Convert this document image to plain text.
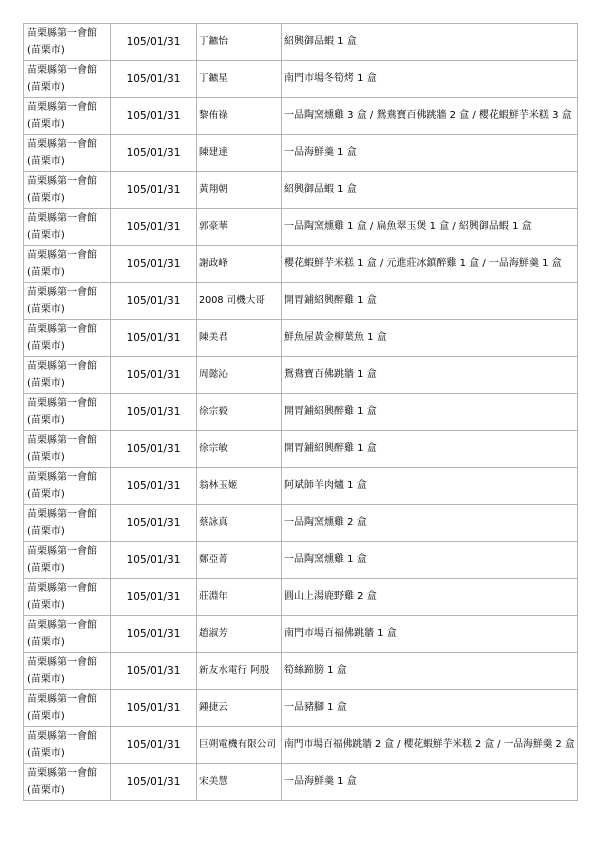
苗栗縣第一會館
(苗栗市)	105/01/31	丁鑣怡	紹興御品蝦 1 盒
苗栗縣第一會館
(苗栗市)	105/01/31	丁鑣星	南門市場冬筍烤 1 盒
苗栗縣第一會館
(苗栗市)	105/01/31	黎侑祿	一品陶窯燻雞 3 盒 / 鴛鴦寶百佛跳牆 2 盒 / 櫻花蝦鮮芋米糕 3 盒
苗栗縣第一會館
(苗栗市)	105/01/31	陳建達	一品海鮮羹 1 盒
苗栗縣第一會館
(苗栗市)	105/01/31	黃翔朝	紹興御品蝦 1 盒
苗栗縣第一會館
(苗栗市)	105/01/31	郭豪華	一品陶窯燻雞 1 盒 / 扁魚翠玉煲 1 盒 / 紹興御品蝦 1 盒
苗栗縣第一會館
(苗栗市)	105/01/31	謝政峰	櫻花蝦鮮芋米糕 1 盒 / 元進莊冰鎮醉雞 1 盒 / 一品海鮮羹 1 盒
苗栗縣第一會館
(苗栗市)	105/01/31	2008 司機大哥	開胃鋪紹興醉雞 1 盒
苗栗縣第一會館
(苗栗市)	105/01/31	陳美君	鮮魚屋黃金柳葉魚 1 盒
苗栗縣第一會館
(苗栗市)	105/01/31	周懿沁	鴛鴦寶百佛跳牆 1 盒
苗栗縣第一會館
(苗栗市)	105/01/31	徐宗毅	開胃鋪紹興醉雞 1 盒
苗栗縣第一會館
(苗栗市)	105/01/31	徐宗敏	開胃鋪紹興醉雞 1 盒
苗栗縣第一會館
(苗栗市)	105/01/31	翁林玉姬	阿斌師羊肉爐 1 盒
苗栗縣第一會館
(苗栗市)	105/01/31	蔡詠真	一品陶窯燻雞 2 盒
苗栗縣第一會館
(苗栗市)	105/01/31	鄭亞菁	一品陶窯燻雞 1 盒
苗栗縣第一會館
(苗栗市)	105/01/31	莊淵年	圓山上湯鹿野雞 2 盒
苗栗縣第一會館
(苗栗市)	105/01/31	趙淑芳	南門市場百福佛跳牆 1 盒
苗栗縣第一會館
(苗栗市)	105/01/31	新友水電行 阿殷	筍絲蹄膀 1 盒
苗栗縣第一會館
(苗栗市)	105/01/31	鍾捷云	一品豬腳 1 盒
苗栗縣第一會館
(苗栗市)	105/01/31	巨朔電機有限公司	南門市場百福佛跳牆 2 盒 / 櫻花蝦鮮芋米糕 2 盒 / 一品海鮮羹 2 盒
苗栗縣第一會館
(苗栗市)	105/01/31	宋美慧	一品海鮮羹 1 盒
